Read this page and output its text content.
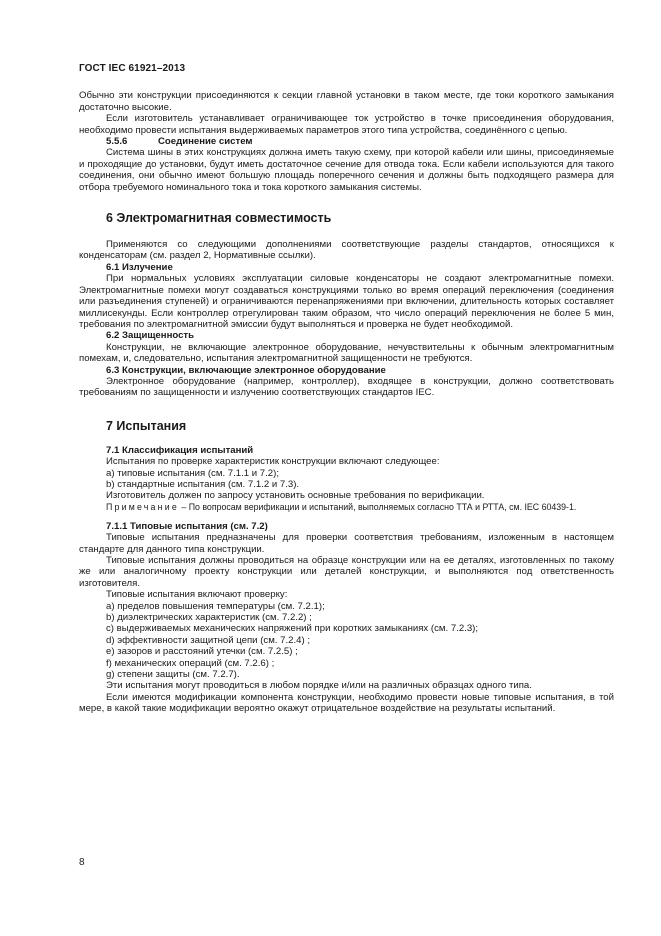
ГОСТ IEC 61921–2013

Обычно эти конструкции присоединяются к секции главной установки в таком месте, где токи короткого замыкания достаточно высокие.

Если изготовитель устанавливает ограничивающее ток устройство в точке присоединения оборудования, необходимо провести испытания выдерживаемых параметров этого типа устройства, соединённого с цепью.

5.5.6	Соединение систем

Система шины в этих конструкциях должна иметь такую схему, при которой кабели или шины, присоединяемые и проходящие до установки, будут иметь достаточное сечение для отвода тока. Если кабели используются для такого соединения, они обычно имеют большую площадь поперечного сечения и должны быть подходящего размера для отбора требуемого номинального тока и тока короткого замыкания системы.

6 Электромагнитная совместимость

Применяются со следующими дополнениями соответствующие разделы стандартов, относящихся к конденсаторам (см. раздел 2, Нормативные ссылки).

6.1 Излучение

При нормальных условиях эксплуатации силовые конденсаторы не создают электромагнитные помехи. Электромагнитные помехи могут создаваться конструкциями только во время операций переключения (соединения или разъединения ступеней) и ограничиваются перенапряжениями при включении, длительность которых составляет миллисекунды. Если контроллер отрегулирован таким образом, что число операций переключения не более 5 мин, требования по электромагнитной эмиссии будут выполняться и проверка не будет необходимой.

6.2 Защищенность

Конструкции, не включающие электронное оборудование, нечувствительны к обычным электромагнитным помехам, и, следовательно, испытания электромагнитной защищенности не требуются.

6.3 Конструкции, включающие электронное оборудование

Электронное оборудование (например, контроллер), входящее в конструкции, должно соответствовать требованиям по защищенности и излучению соответствующих стандартов IEC.

7 Испытания
7.1 Классификация испытаний

Испытания по проверке характеристик конструкции включают следующее:

а) типовые испытания (см. 7.1.1 и 7.2);

b) стандартные испытания (см. 7.1.2 и 7.3).

Изготовитель должен по запросу установить основные требования по верификации.

Примечание – По вопросам верификации и испытаний, выполняемых согласно ТТА и РТТА, см. IEC 60439-1.

7.1.1 Типовые испытания (см. 7.2)

Типовые испытания предназначены для проверки соответствия требованиям, изложенным в настоящем стандарте для данного типа конструкции.

Типовые испытания должны проводиться на образце конструкции или на ее деталях, изготовленных по такому же или аналогичному проекту конструкции или деталей конструкции, и выполняются под ответственность изготовителя.

Типовые испытания включают проверку:

а) пределов повышения температуры (см. 7.2.1);

b) диэлектрических характеристик (см. 7.2.2) ;

c) выдерживаемых механических напряжений при коротких замыканиях (см. 7.2.3);

d) эффективности защитной цепи (см. 7.2.4) ;

e) зазоров и расстояний утечки (см. 7.2.5) ;

f) механических операций (см. 7.2.6) ;

g) степени защиты (см. 7.2.7).

Эти испытания могут проводиться в любом порядке и/или на различных образцах одного типа.

Если имеются модификации компонента конструкции, необходимо провести новые типовые испытания, в той мере, в какой такие модификации вероятно окажут отрицательное воздействие на результаты испытаний.

8
